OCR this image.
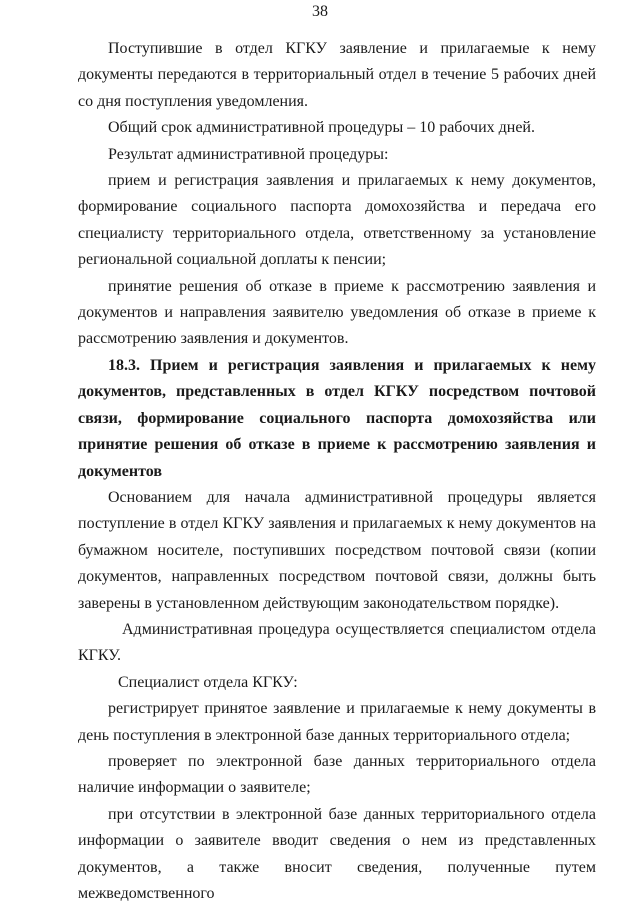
38

Поступившие в отдел КГКУ заявление и прилагаемые к нему документы передаются в территориальный отдел в течение 5 рабочих дней со дня поступления уведомления.

Общий срок административной процедуры – 10 рабочих дней.

Результат административной процедуры:

прием и регистрация заявления и прилагаемых к нему документов, формирование социального паспорта домохозяйства и передача его специалисту территориального отдела, ответственному за установление региональной социальной доплаты к пенсии;

принятие решения об отказе в приеме к рассмотрению заявления и документов и направления заявителю уведомления об отказе в приеме к рассмотрению заявления и документов.

18.3. Прием и регистрация заявления и прилагаемых к нему документов, представленных в отдел КГКУ посредством почтовой связи, формирование социального паспорта домохозяйства или принятие решения об отказе в приеме к рассмотрению заявления и документов

Основанием для начала административной процедуры является поступление в отдел КГКУ заявления и прилагаемых к нему документов на бумажном носителе, поступивших посредством почтовой связи (копии документов, направленных посредством почтовой связи, должны быть заверены в установленном действующим законодательством порядке).

Административная процедура осуществляется специалистом отдела КГКУ.

Специалист отдела КГКУ:

регистрирует принятое заявление и прилагаемые к нему документы в день поступления в электронной базе данных территориального отдела;

проверяет по электронной базе данных территориального отдела наличие информации о заявителе;

при отсутствии в электронной базе данных территориального отдела информации о заявителе вводит сведения о нем из представленных документов, а также вносит сведения, полученные путем межведомственного
